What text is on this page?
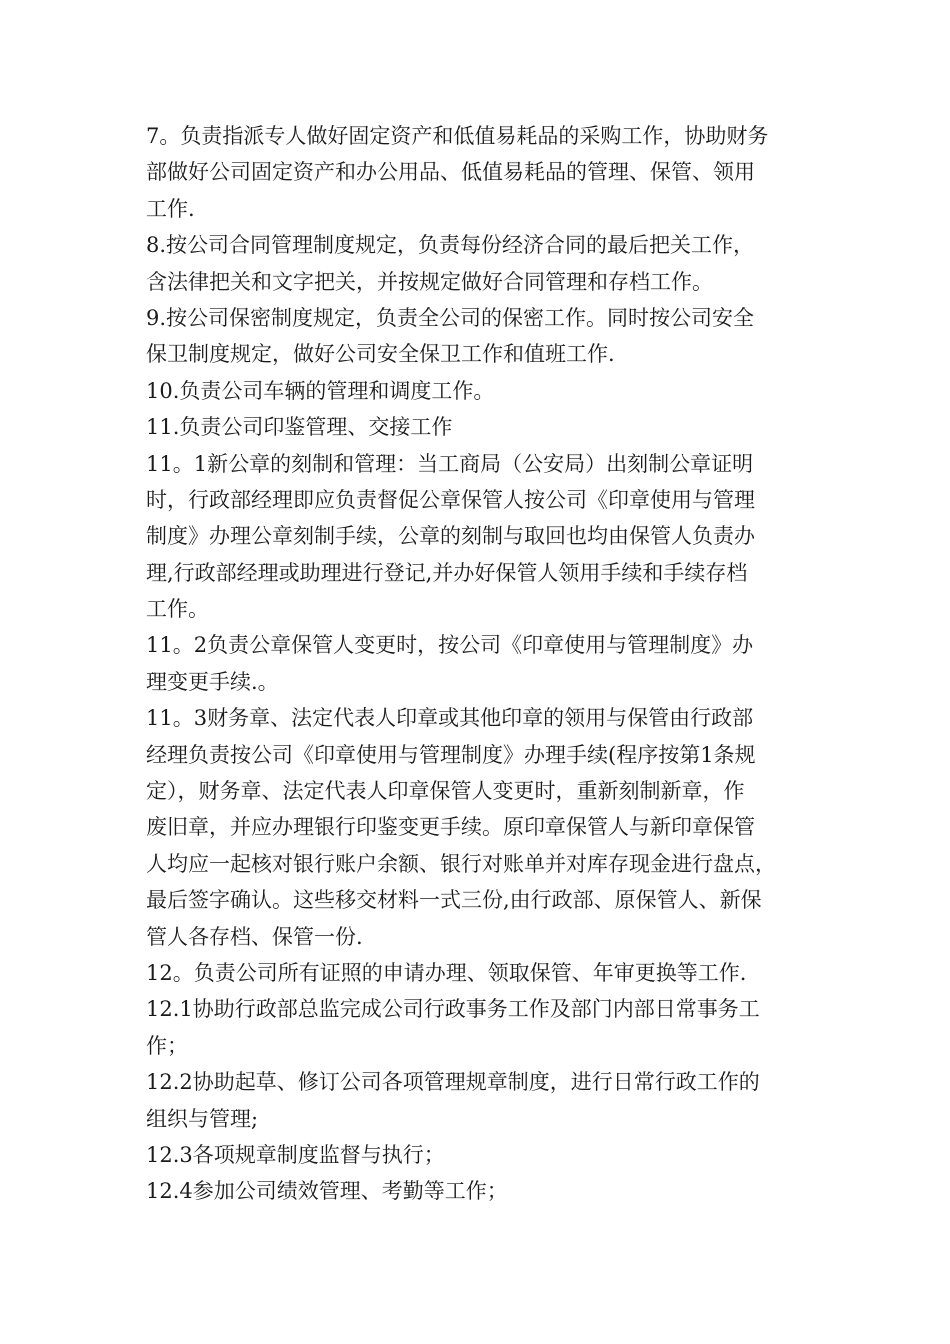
7。负责指派专人做好固定资产和低值易耗品的采购工作，协助财务
部做好公司固定资产和办公用品、低值易耗品的管理、保管、领用
工作.
8.按公司合同管理制度规定，负责每份经济合同的最后把关工作，
含法律把关和文字把关，并按规定做好合同管理和存档工作。
9.按公司保密制度规定，负责全公司的保密工作。同时按公司安全
保卫制度规定，做好公司安全保卫工作和值班工作.
10.负责公司车辆的管理和调度工作。
11.负责公司印鉴管理、交接工作
11。1新公章的刻制和管理：当工商局（公安局）出刻制公章证明
时，行政部经理即应负责督促公章保管人按公司《印章使用与管理
制度》办理公章刻制手续，公章的刻制与取回也均由保管人负责办
理,行政部经理或助理进行登记,并办好保管人领用手续和手续存档
工作。
11。2负责公章保管人变更时，按公司《印章使用与管理制度》办
理变更手续.。
11。3财务章、法定代表人印章或其他印章的领用与保管由行政部
经理负责按公司《印章使用与管理制度》办理手续(程序按第1条规
定），财务章、法定代表人印章保管人变更时，重新刻制新章，作
废旧章，并应办理银行印鉴变更手续。原印章保管人与新印章保管
人均应一起核对银行账户余额、银行对账单并对库存现金进行盘点，
最后签字确认。这些移交材料一式三份,由行政部、原保管人、新保
管人各存档、保管一份.
12。负责公司所有证照的申请办理、领取保管、年审更换等工作.
12.1协助行政部总监完成公司行政事务工作及部门内部日常事务工
作；
12.2协助起草、修订公司各项管理规章制度，进行日常行政工作的
组织与管理;
12.3各项规章制度监督与执行；
12.4参加公司绩效管理、考勤等工作；
